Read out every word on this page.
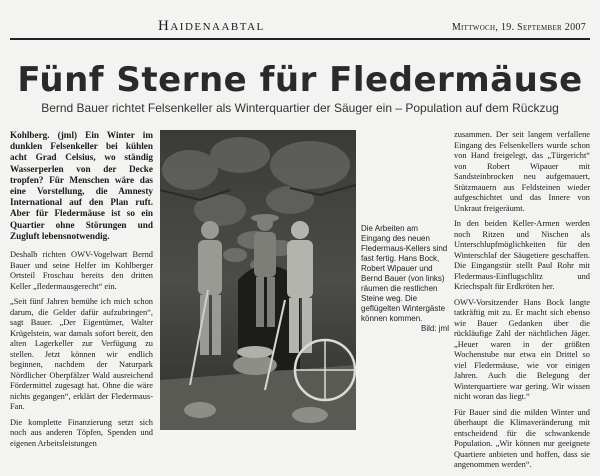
Haidenaabtal	Mittwoch, 19. September 2007
Fünf Sterne für Fledermäuse
Bernd Bauer richtet Felsenkeller als Winterquartier der Säuger ein – Population auf dem Rückzug

Kohlberg. (jml) Ein Winter im dunklen Felsenkeller bei kühlen acht Grad Celsius, wo ständig Wasserperlen von der Decke tropfen? Für Menschen wäre das eine Vorstellung, die Amnesty International auf den Plan ruft. Aber für Fledermäuse ist so ein Quartier ohne Störungen und Zugluft lebensnotwendig.

Deshalb richten OWV-Vogelwart Bernd Bauer und seine Helfer im Kohlberger Ortsteil Froschau bereits den dritten Keller „fledermausgerecht“ ein.

„Seit fünf Jahren bemühe ich mich schon darum, die Gelder dafür aufzubringen“, sagt Bauer. „Der Eigentümer, Walter Krügelstein, war damals sofort bereit, den alten Lagerkeller zur Verfügung zu stellen. Jetzt können wir endlich beginnen, nachdem der Naturpark Nördlicher Oberpfälzer Wald ausreichend Fördermittel zugesagt hat. Ohne die wäre nichts gegangen“, erklärt der Fledermaus-Fan.

Die komplette Finanzierung setzt sich noch aus anderen Töpfen, Spenden und eigenen Arbeitsleistungen

Die Arbeiten am Eingang des neuen Fledermaus-Kellers sind fast fertig. Hans Bock, Robert Wipauer und Bernd Bauer (von links) räumen die restlichen Steine weg. Die geflügelten Wintergäste können kommen.
Bild: jml

zusammen. Der seit langem verfallene Eingang des Felsenkellers wurde schon von Hand freigelegt, das „Türgericht“ von Robert Wipauer mit Sandsteinbrocken neu aufgemauert, Stützmauern aus Feldsteinen wieder aufgeschichtet und das Innere von Unkraut freigeräumt.

In den beiden Keller-Armen werden noch Ritzen und Nischen als Unterschlupfmöglichkeiten für den Winterschlaf der Säugetiere geschaffen. Die Eingangstür stellt Paul Rohr mit Fledermaus-Einflugschlitz und Kriechspalt für Erdkröten her.

OWV-Vorsitzender Hans Bock langte tatkräftig mit zu. Er macht sich ebenso wie Bauer Gedanken über die rückläufige Zahl der nächtlichen Jäger. „Heuer waren in der größten Wochenstube nur etwa ein Drittel so viel Fledermäuse, wie vor einigen Jahren. Auch die Belegung der Winterquartiere war gering. Wir wissen nicht woran das liegt.“

Für Bauer sind die milden Winter und überhaupt die Klimaveränderung mit entscheidend für die schwankende Population. „Wir können nur geeignete Quartiere anbieten und hoffen, dass sie angenommen werden“.
